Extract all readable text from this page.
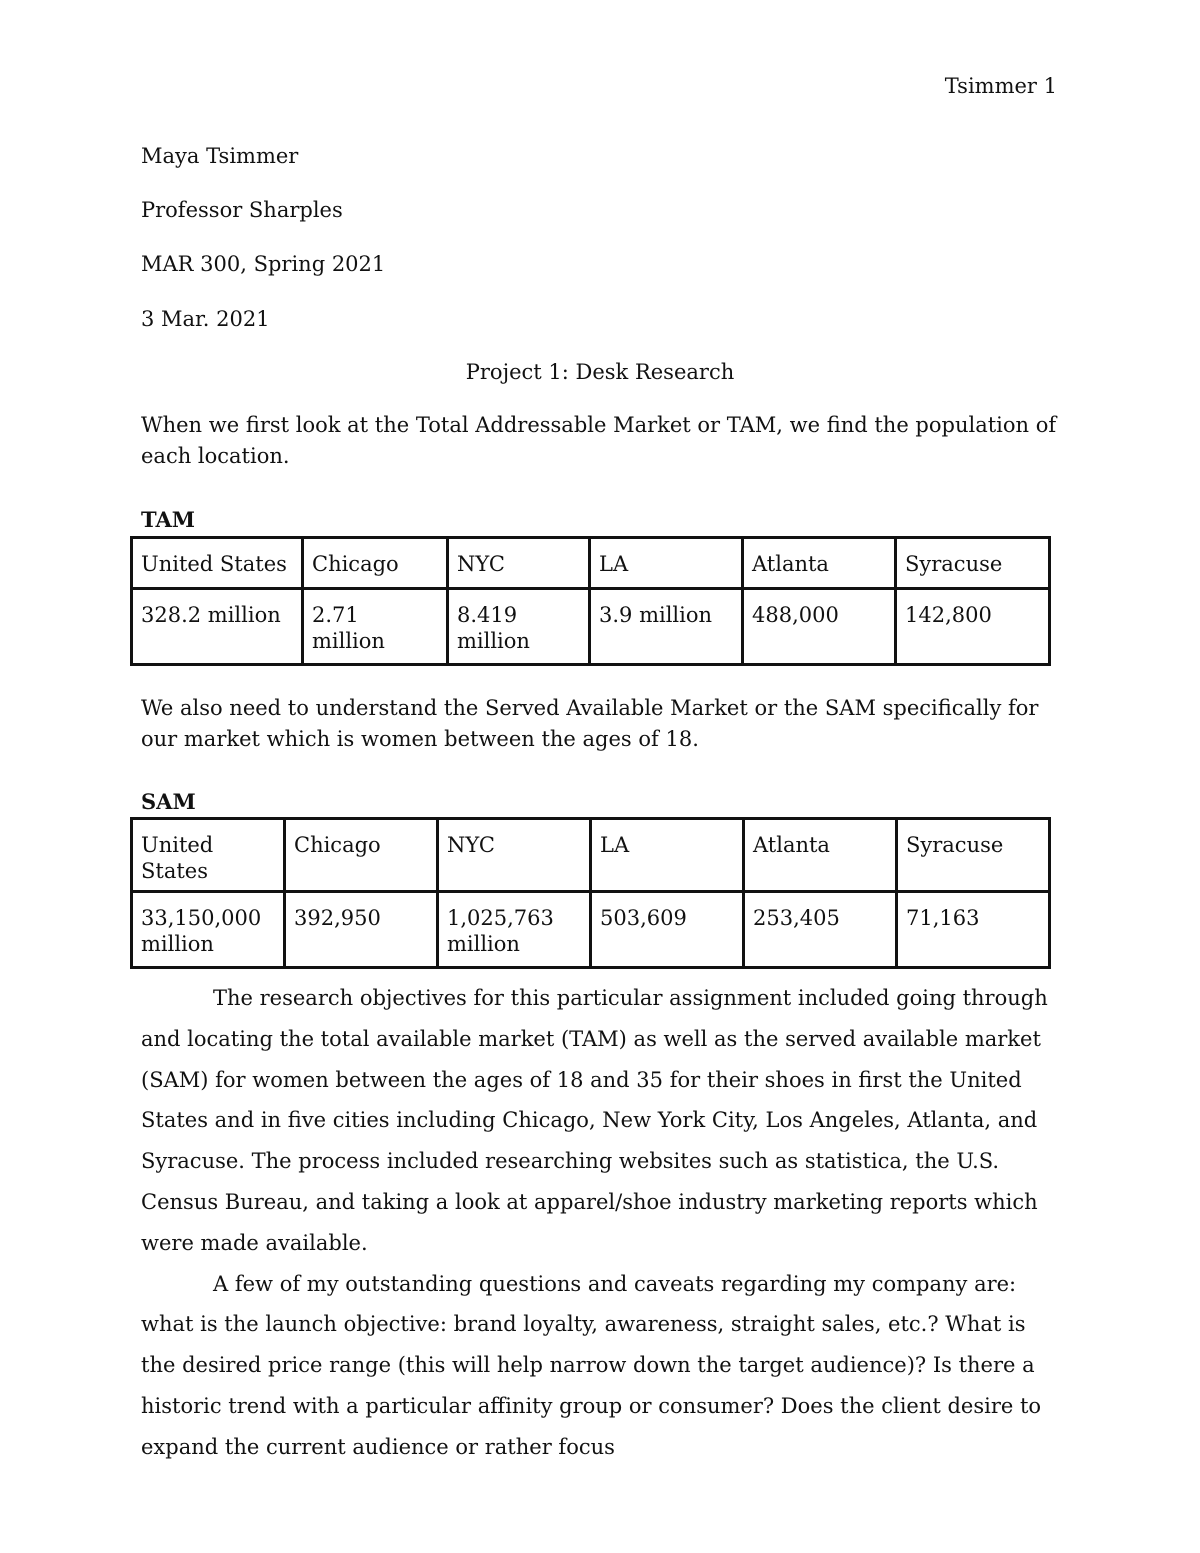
Tsimmer 1
Maya Tsimmer
Professor Sharples
MAR 300, Spring 2021
3 Mar. 2021
Project 1: Desk Research
When we first look at the Total Addressable Market or TAM, we find the population of each location.
TAM
United States	Chicago	NYC	LA	Atlanta	Syracuse
328.2 million	2.71 million	8.419 million	3.9 million	488,000	142,800
We also need to understand the Served Available Market or the SAM specifically for our market which is women between the ages of 18.
SAM
United States	Chicago	NYC	LA	Atlanta	Syracuse
33,150,000 million	392,950	1,025,763 million	503,609	253,405	71,163

The research objectives for this particular assignment included going through and locating the total available market (TAM) as well as the served available market (SAM) for women between the ages of 18 and 35 for their shoes in first the United States and in five cities including Chicago, New York City, Los Angeles, Atlanta, and Syracuse. The process included researching websites such as statistica, the U.S. Census Bureau, and taking a look at apparel/shoe industry marketing reports which were made available.

A few of my outstanding questions and caveats regarding my company are: what is the launch objective: brand loyalty, awareness, straight sales, etc.? What is the desired price range (this will help narrow down the target audience)? Is there a historic trend with a particular affinity group or consumer? Does the client desire to expand the current audience or rather focus
